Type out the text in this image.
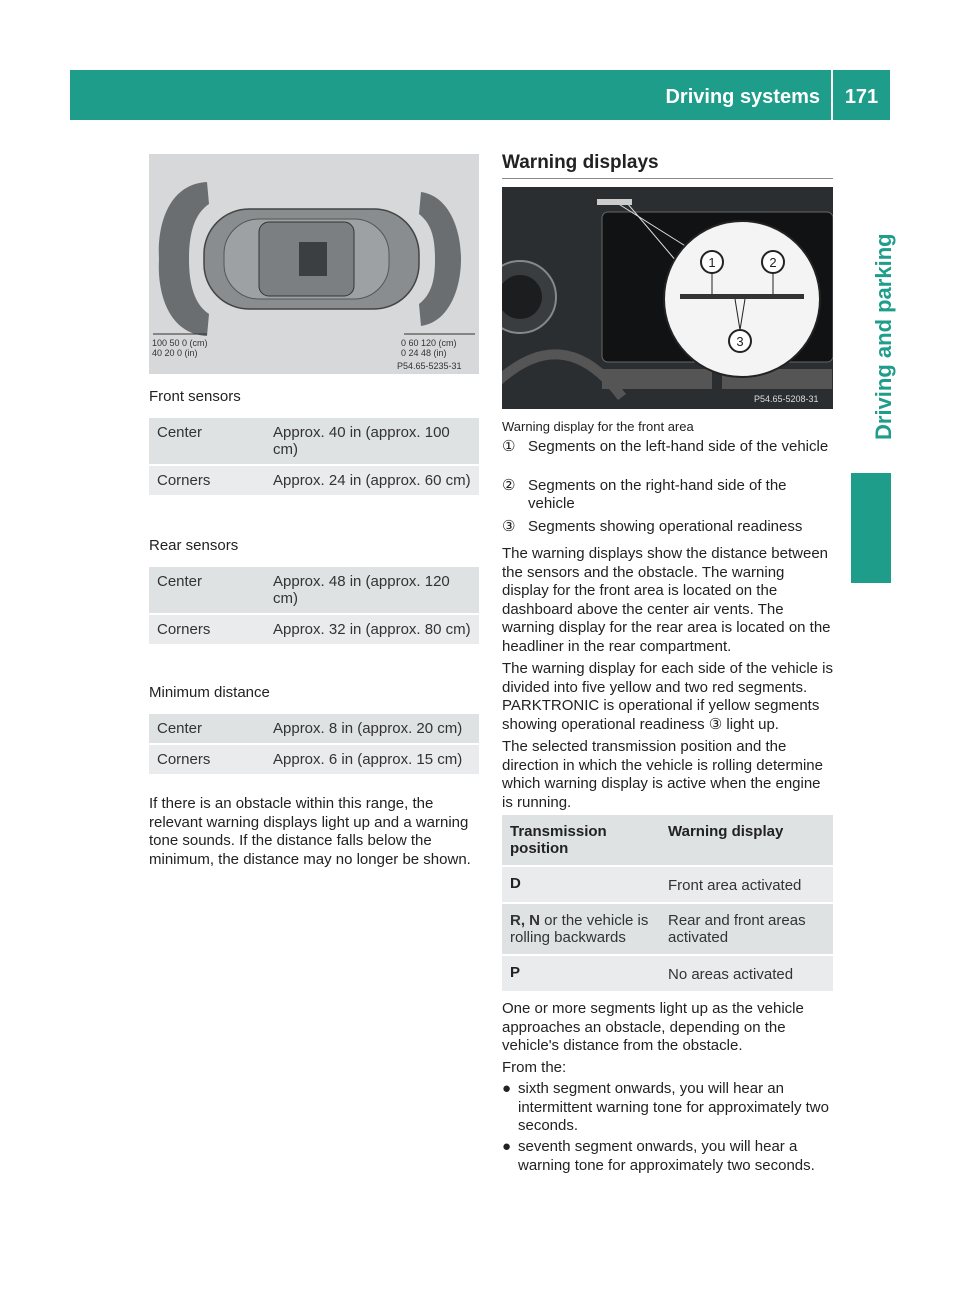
Driving systems	171
Driving and parking
100 50 0 (cm)
40 20 0 (in)
0 60 120 (cm)
0 24 48 (in)
P54.65-5235-31
Front sensors
Center	Approx. 40 in (approx. 100 cm)

Corners	Approx. 24 in (approx. 60 cm)
Rear sensors
Center	Approx. 48 in (approx. 120 cm)

Corners	Approx. 32 in (approx. 80 cm)
Minimum distance
Center	Approx. 8 in (approx. 20 cm)

Corners	Approx. 6 in (approx. 15 cm)
If there is an obstacle within this range, the relevant warning displays light up and a warning tone sounds. If the distance falls below the minimum, the distance may no longer be shown.
Warning displays
1	2
3
P54.65-5208-31
Warning display for the front area
① Segments on the left-hand side of the vehicle
② Segments on the right-hand side of the vehicle
③ Segments showing operational readiness
The warning displays show the distance between the sensors and the obstacle. The warning display for the front area is located on the dashboard above the center air vents. The warning display for the rear area is located on the headliner in the rear compartment.
The warning display for each side of the vehicle is divided into five yellow and two red segments. PARKTRONIC is operational if yellow segments showing operational readiness ③ light up.
The selected transmission position and the direction in which the vehicle is rolling determine which warning display is active when the engine is running.
Transmission position	Warning display

D	Front area activated

R, N or the vehicle is rolling backwards	Rear and front areas activated

P	No areas activated
One or more segments light up as the vehicle approaches an obstacle, depending on the vehicle's distance from the obstacle.
From the:
● sixth segment onwards, you will hear an intermittent warning tone for approximately two seconds.
● seventh segment onwards, you will hear a warning tone for approximately two seconds.
